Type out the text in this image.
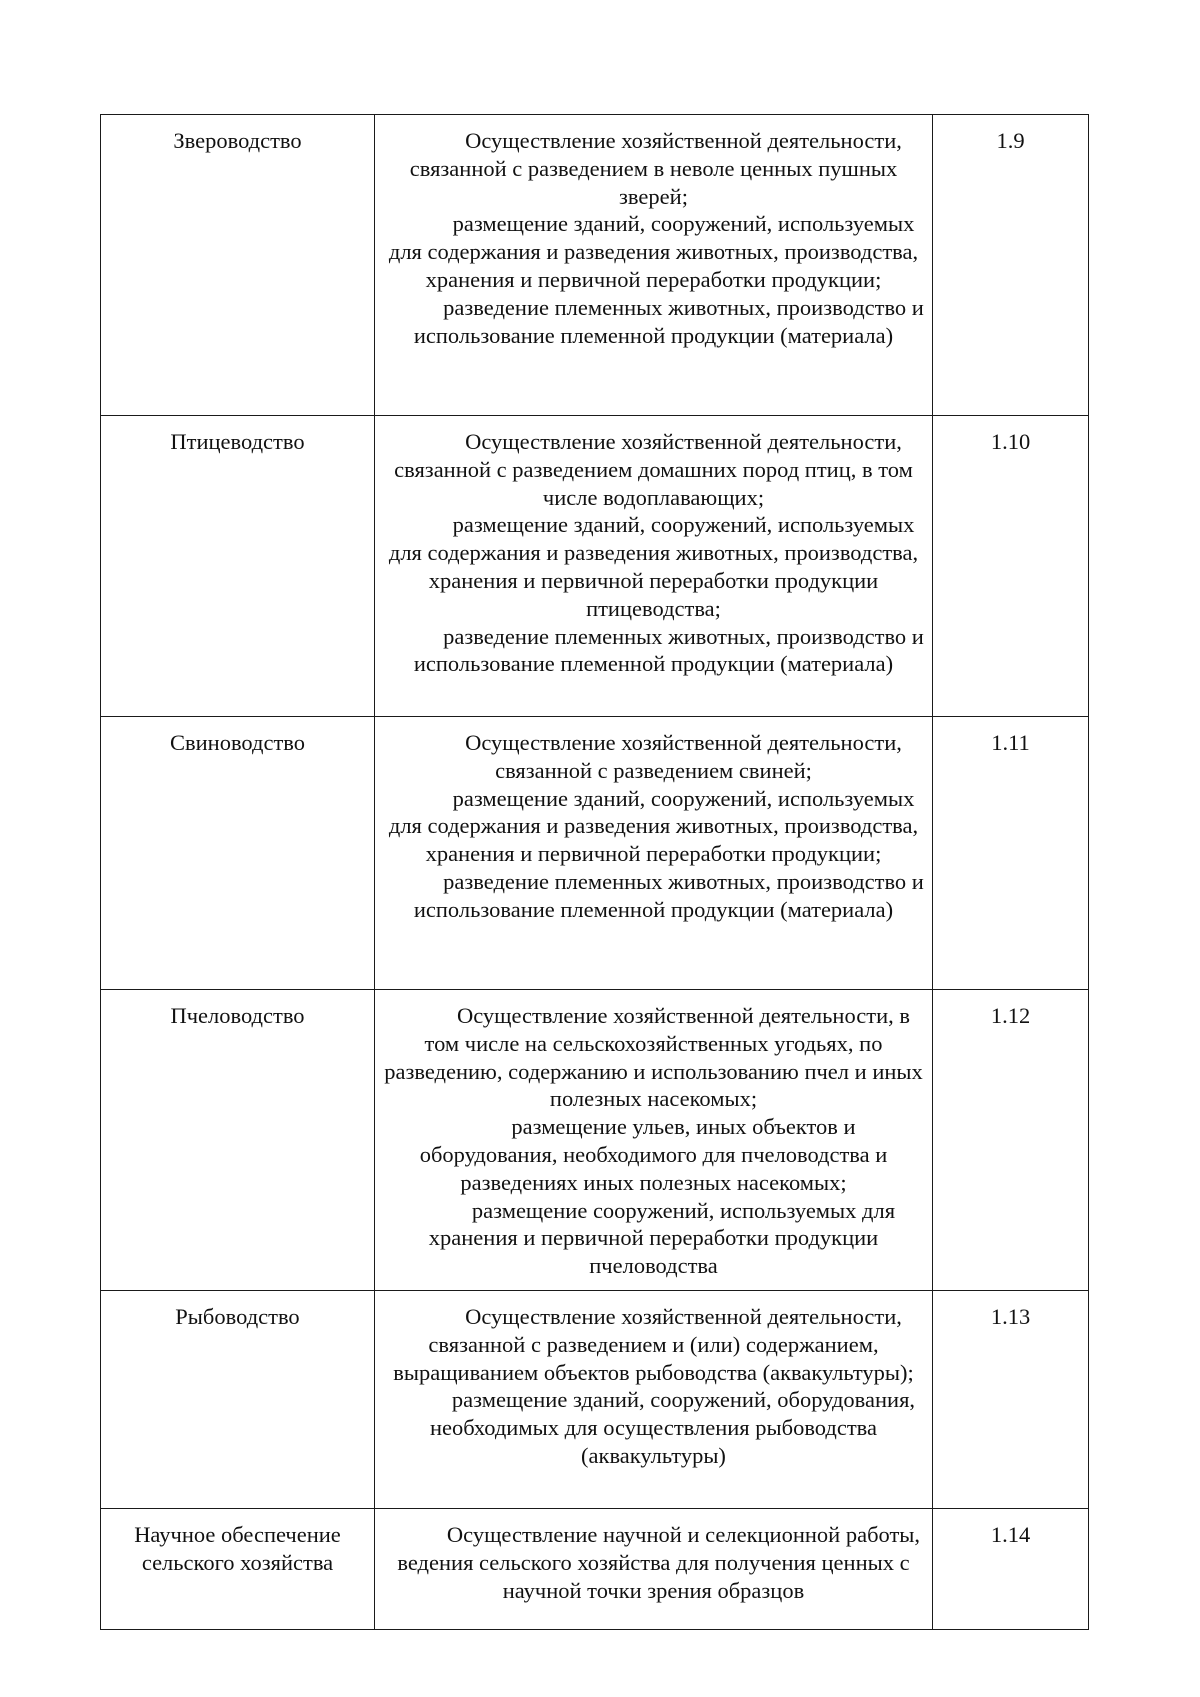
Звероводство	Осуществление хозяйственной деятельности, связанной с разведением в неволе ценных пушных зверей;
размещение зданий, сооружений, используемых для содержания и разведения животных, производства, хранения и первичной переработки продукции;
разведение племенных животных, производство и использование племенной продукции (материала)	1.9
Птицеводство	Осуществление хозяйственной деятельности, связанной с разведением домашних пород птиц, в том числе водоплавающих;
размещение зданий, сооружений, используемых для содержания и разведения животных, производства, хранения и первичной переработки продукции птицеводства;
разведение племенных животных, производство и использование племенной продукции (материала)	1.10
Свиноводство	Осуществление хозяйственной деятельности, связанной с разведением свиней;
размещение зданий, сооружений, используемых для содержания и разведения животных, производства, хранения и первичной переработки продукции;
разведение племенных животных, производство и использование племенной продукции (материала)	1.11
Пчеловодство	Осуществление хозяйственной деятельности, в том числе на сельскохозяйственных угодьях, по разведению, содержанию и использованию пчел и иных полезных насекомых;
размещение ульев, иных объектов и оборудования, необходимого для пчеловодства и разведениях иных полезных насекомых;
размещение сооружений, используемых для хранения и первичной переработки продукции пчеловодства	1.12
Рыбоводство	Осуществление хозяйственной деятельности, связанной с разведением и (или) содержанием, выращиванием объектов рыбоводства (аквакультуры);
размещение зданий, сооружений, оборудования, необходимых для осуществления рыбоводства (аквакультуры)	1.13
Научное обеспечение сельского хозяйства	Осуществление научной и селекционной работы, ведения сельского хозяйства для получения ценных с научной точки зрения образцов	1.14
